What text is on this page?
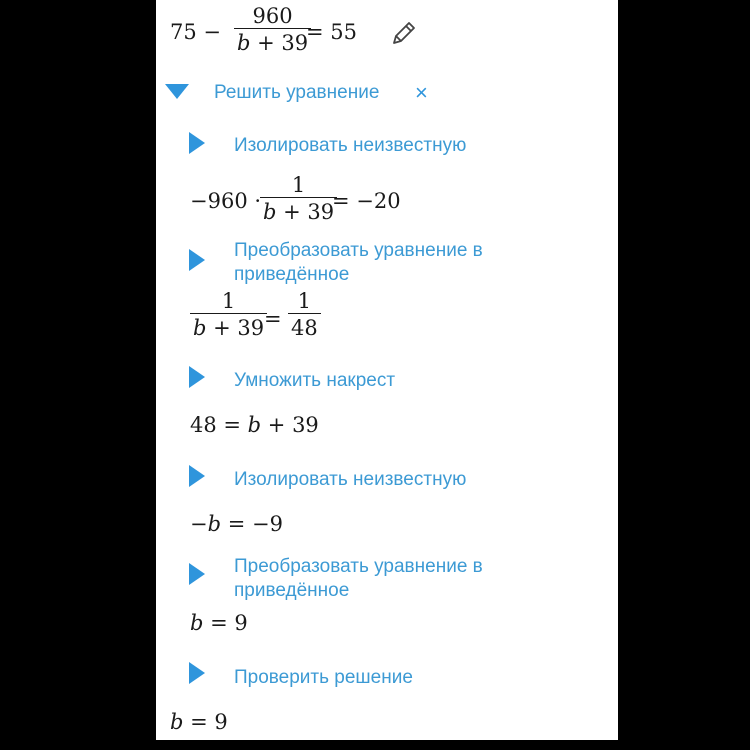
$75 - \frac{960}{b + 39}$
= 55
Решить уравнение ×
Изолировать неизвестную
−960 ·
$\frac{1}{b + 39}$
= −20
Преобразовать уравнение в приведённое
$\frac{1}{b + 39}$
= $\frac{1}{48}$
Умножить накрест
48 = b + 39
Изолировать неизвестную
−b = −9
Преобразовать уравнение в приведённое
b = 9
Проверить решение
b = 9
